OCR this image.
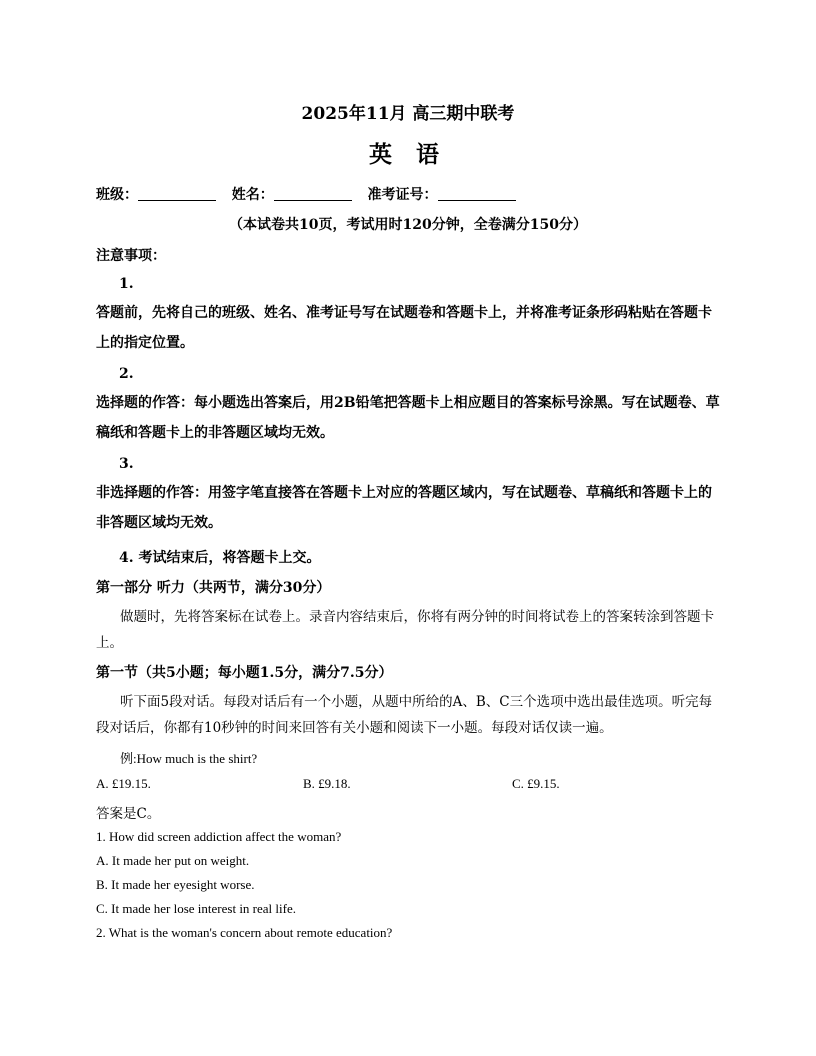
2025年11月 高三期中联考
英 语
班级：	姓名：	准考证号：
（本试卷共10页，考试用时120分钟，全卷满分150分）
注意事项：
1.
答题前，先将自己的班级、姓名、准考证号写在试题卷和答题卡上，并将准考证条形码粘贴在答题卡上的指定位置。
2.
选择题的作答：每小题选出答案后，用2B铅笔把答题卡上相应题目的答案标号涂黑。写在试题卷、草稿纸和答题卡上的非答题区域均无效。
3.
非选择题的作答：用签字笔直接答在答题卡上对应的答题区域内，写在试题卷、草稿纸和答题卡上的非答题区域均无效。
4. 考试结束后，将答题卡上交。
第一部分 听力（共两节，满分30分）
做题时，先将答案标在试卷上。录音内容结束后，你将有两分钟的时间将试卷上的答案转涂到答题卡上。
第一节（共5小题；每小题1.5分，满分7.5分）
听下面5段对话。每段对话后有一个小题，从题中所给的A、B、C三个选项中选出最佳选项。听完每段对话后，你都有10秒钟的时间来回答有关小题和阅读下一小题。每段对话仅读一遍。
例:How much is the shirt?
A. £19.15.	B. £9.18.	C. £9.15.
答案是C。
1. How did screen addiction affect the woman?
A. It made her put on weight.
B. It made her eyesight worse.
C. It made her lose interest in real life.
2. What is the woman's concern about remote education?
